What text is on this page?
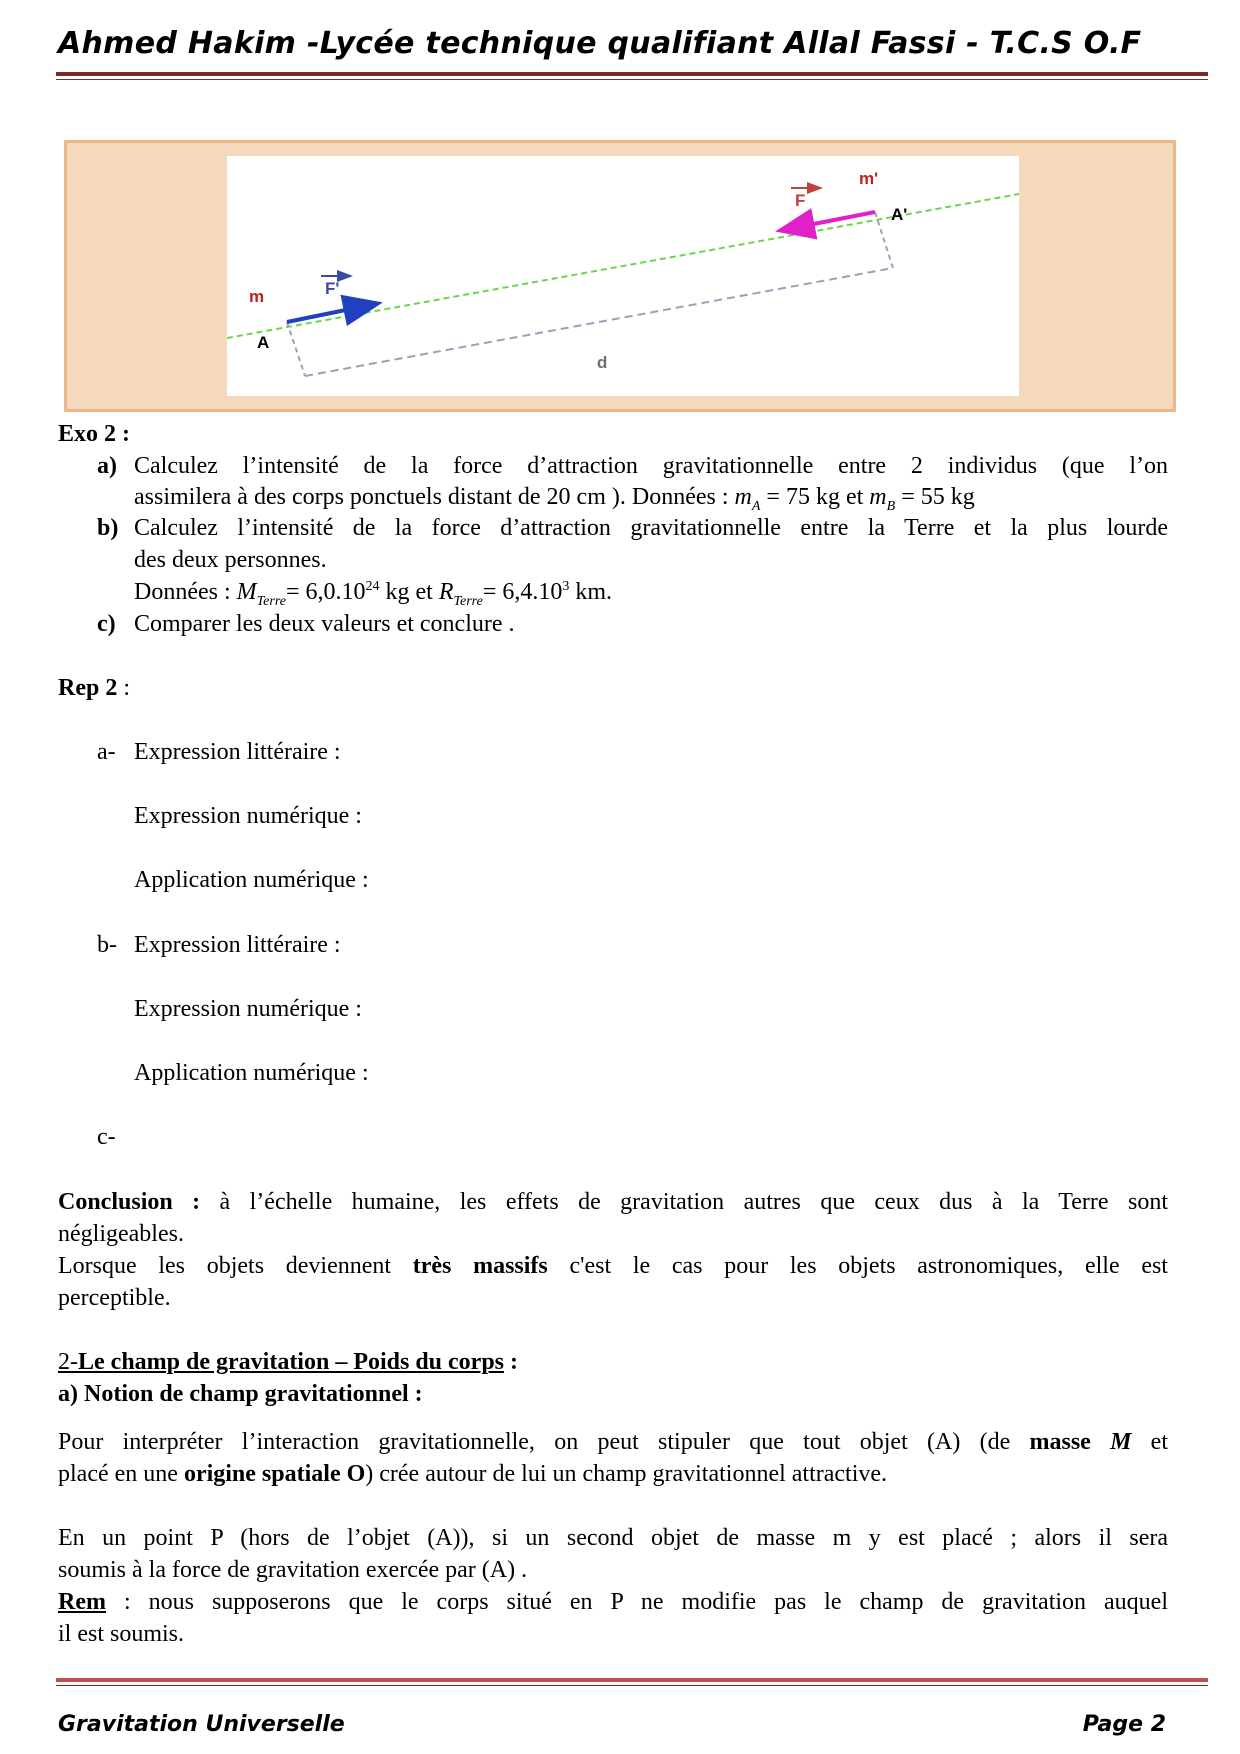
Ahmed Hakim -Lycée technique qualifiant Allal Fassi - T.C.S O.F
m
m'
A
A'
F'
F
d
Exo 2 :
a) Calculez l’intensité de la force d’attraction gravitationnelle entre 2 individus (que l’on
assimilera à des corps ponctuels distant de 20 cm ). Données : $m_A = 75$ kg et $m_B = 55$ kg
b) Calculez l’intensité de la force d’attraction gravitationnelle entre la Terre et la plus lourde
des deux personnes.
Données : $M_{Terre}= 6,0.10^{24}$ kg et $R_{Terre}= 6,4.10^3$ km.
c) Comparer les deux valeurs et conclure .
Rep 2 :
a- Expression littéraire :
Expression numérique :
Application numérique :
b- Expression littéraire :
Expression numérique :
Application numérique :
c-
Conclusion : à l’échelle humaine, les effets de gravitation autres que ceux dus à la Terre sont
négligeables.
Lorsque les objets deviennent très massifs c'est le cas pour les objets astronomiques, elle est
perceptible.
2-Le champ de gravitation – Poids du corps :
a) Notion de champ gravitationnel :
Pour interpréter l’interaction gravitationnelle, on peut stipuler que tout objet (A) (de masse M et
placé en une origine spatiale O) crée autour de lui un champ gravitationnel attractive.
En un point P (hors de l’objet (A)), si un second objet de masse m y est placé ; alors il sera
soumis à la force de gravitation exercée par (A) .
Rem : nous supposerons que le corps situé en P ne modifie pas le champ de gravitation auquel
il est soumis.
Gravitation Universelle	Page 2
